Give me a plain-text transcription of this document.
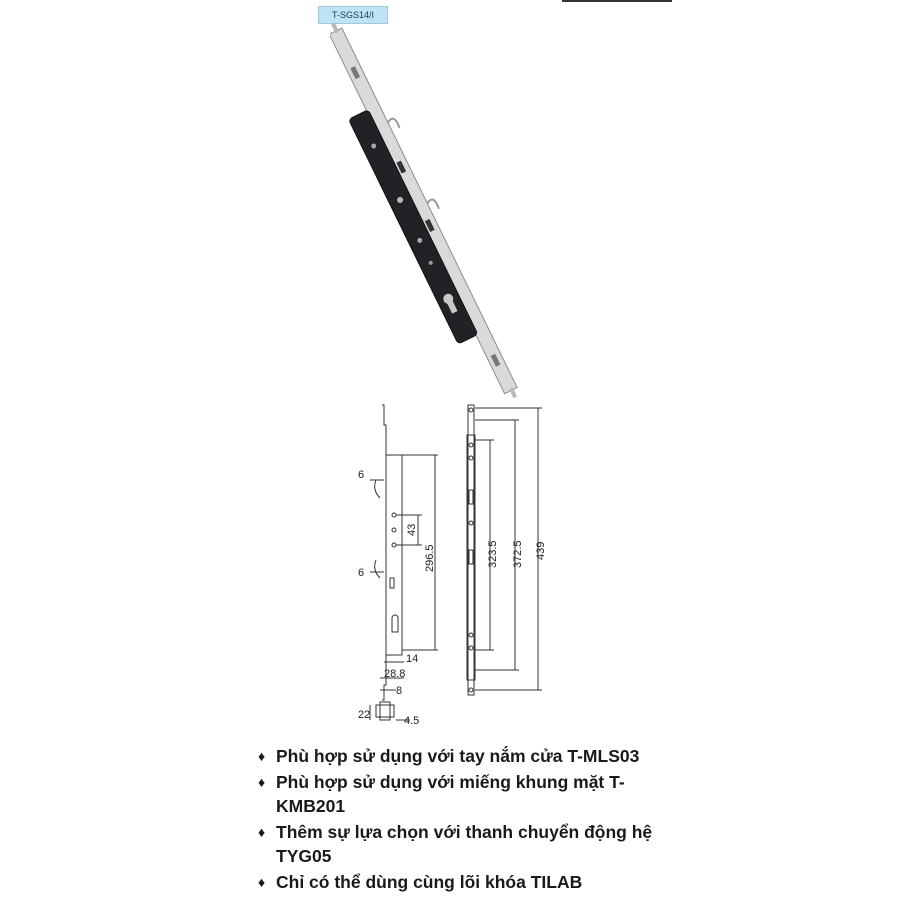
T-SGS14/I
6
6
43
296.5
14
28.8
8
22	4.5
323.5 372.5 439
♦ Phù hợp sử dụng với tay nắm cửa T-MLS03
♦ Phù hợp sử dụng với miếng khung mặt T-KMB201
♦ Thêm sự lựa chọn với thanh chuyển động hệ TYG05
♦ Chỉ có thể dùng cùng lõi khóa TILAB
